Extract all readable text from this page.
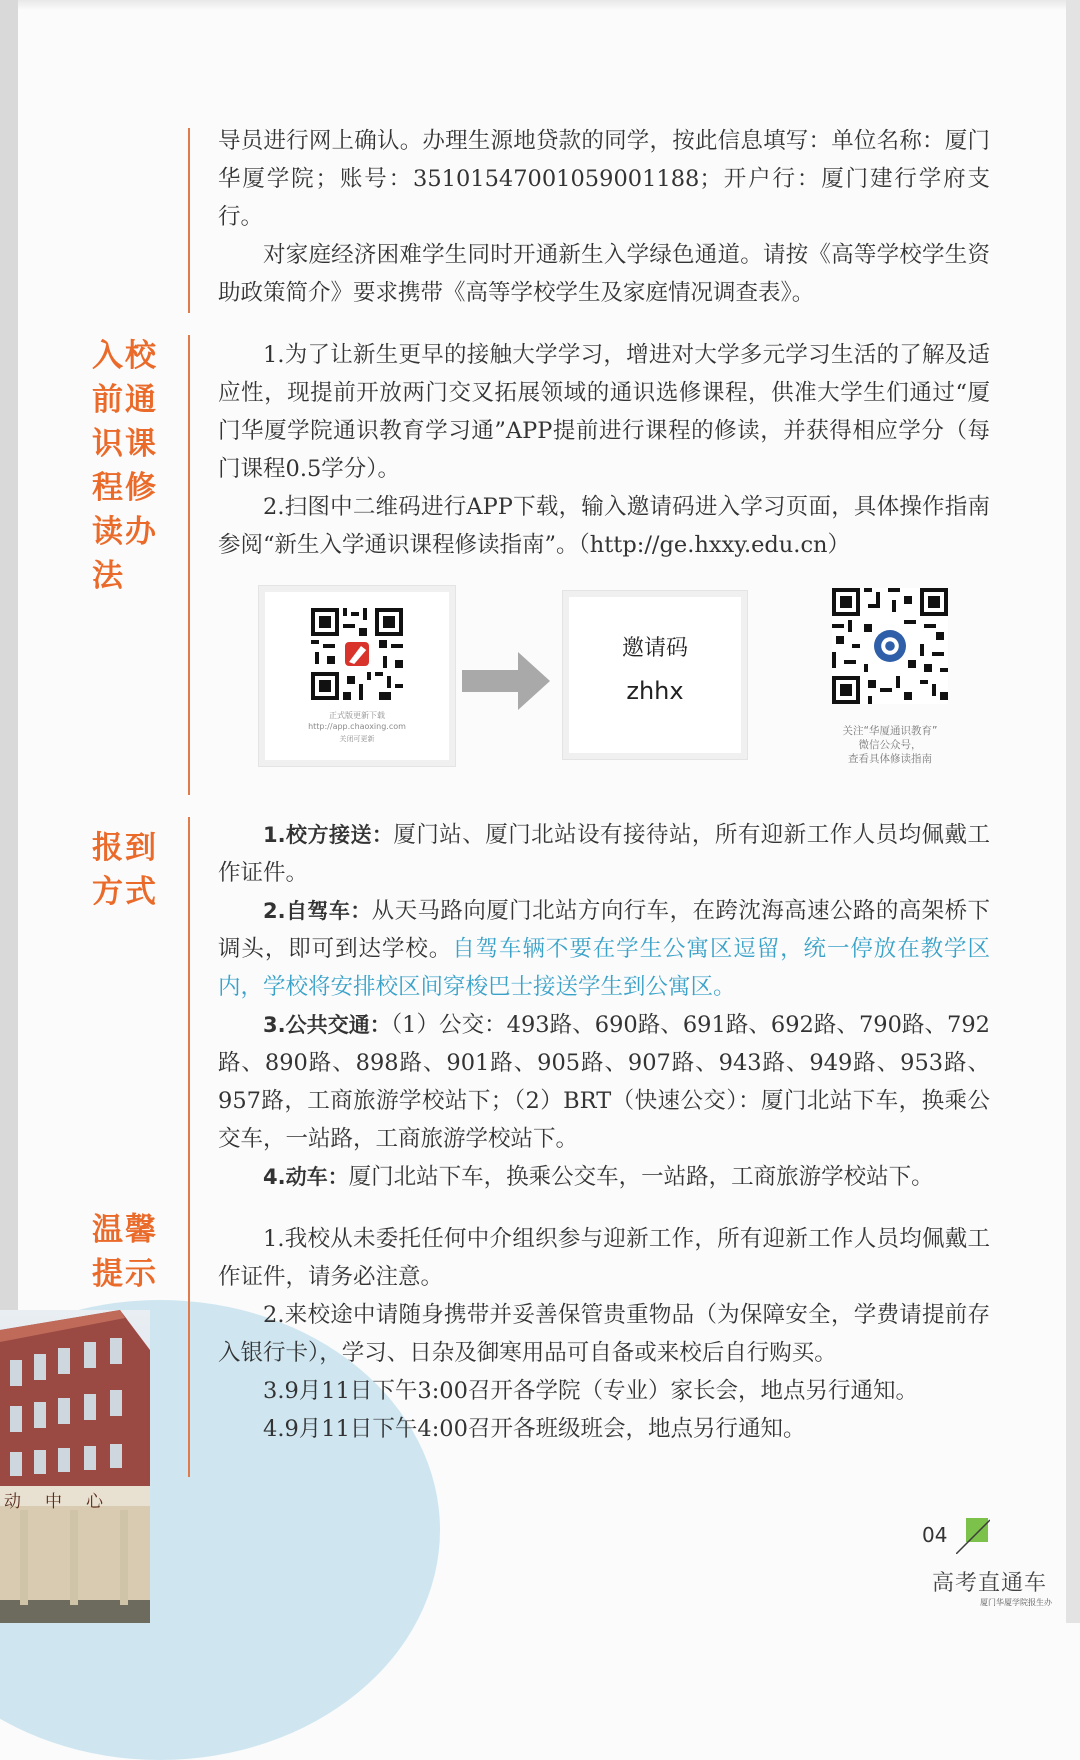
导员进行网上确认。办理生源地贷款的同学，按此信息填写：单位名称：厦门华厦学院；账号：35101547001059001188；开户行：厦门建行学府支行。

对家庭经济困难学生同时开通新生入学绿色通道。请按《高等学校学生资助政策简介》要求携带《高等学校学生及家庭情况调查表》。

入校
前通
识课
程修
读办
法

1.为了让新生更早的接触大学学习，增进对大学多元学习生活的了解及适应性，现提前开放两门交叉拓展领域的通识选修课程，供准大学生们通过“厦门华厦学院通识教育学习通”APP提前进行课程的修读，并获得相应学分（每门课程0.5学分）。

2.扫图中二维码进行APP下载，输入邀请码进入学习页面，具体操作指南参阅“新生入学通识课程修读指南”。（http://ge.hxxy.edu.cn）

正式版更新下载
http://app.chaoxing.com
关闭可更新
邀请码
zhhx
关注“华厦通识教育”
微信公众号，
查看具体修读指南
报到
方式

1.校方接送：厦门站、厦门北站设有接待站，所有迎新工作人员均佩戴工作证件。

2.自驾车：从天马路向厦门北站方向行车，在跨沈海高速公路的高架桥下调头，即可到达学校。自驾车辆不要在学生公寓区逗留，统一停放在教学区内，学校将安排校区间穿梭巴士接送学生到公寓区。

3.公共交通：（1）公交：493路、690路、691路、692路、790路、792路、890路、898路、901路、905路、907路、943路、949路、953路、957路，工商旅游学校站下；（2）BRT（快速公交）：厦门北站下车，换乘公交车，一站路，工商旅游学校站下。

4.动车：厦门北站下车，换乘公交车，一站路，工商旅游学校站下。

动中心
温馨
提示

1.我校从未委托任何中介组织参与迎新工作，所有迎新工作人员均佩戴工作证件，请务必注意。

2.来校途中请随身携带并妥善保管贵重物品（为保障安全，学费请提前存入银行卡），学习、日杂及御寒用品可自备或来校后自行购买。

3.9月11日下午3:00召开各学院（专业）家长会，地点另行通知。

4.9月11日下午4:00召开各班级班会，地点另行通知。

04
高考直通车
厦门华厦学院报生办
